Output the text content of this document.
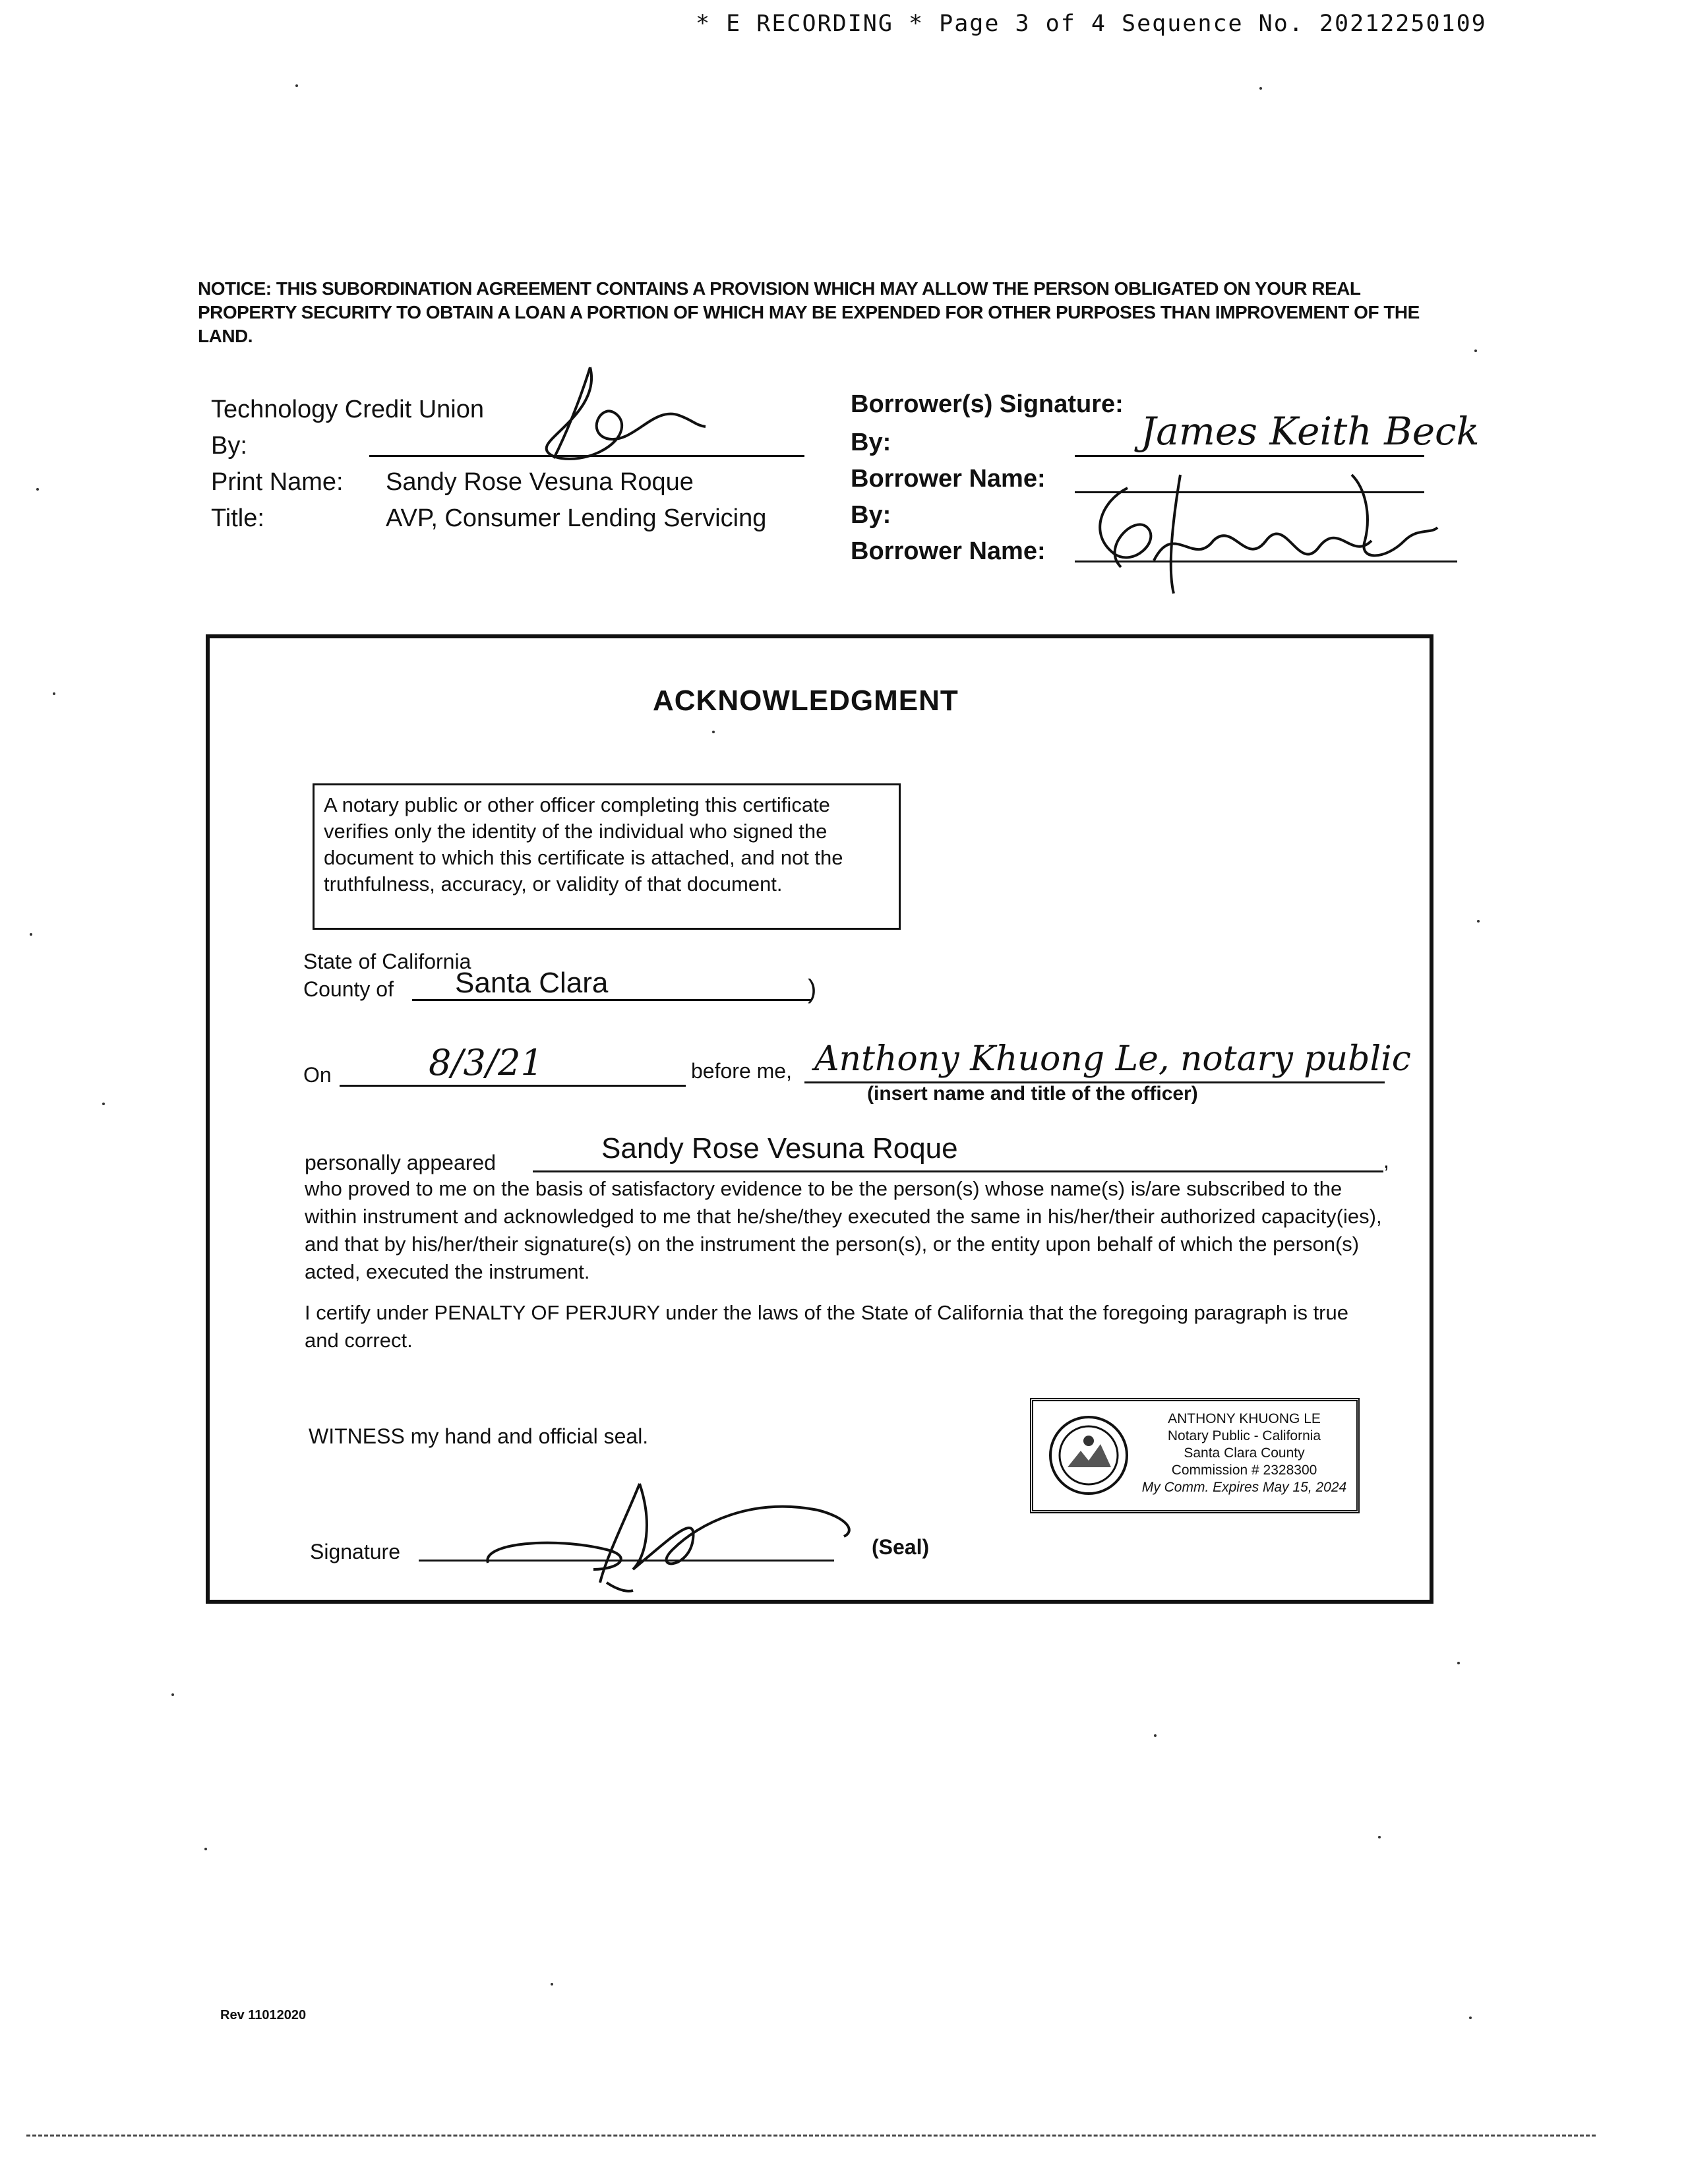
* E RECORDING * Page 3 of 4 Sequence No. 20212250109
NOTICE: THIS SUBORDINATION AGREEMENT CONTAINS A PROVISION WHICH MAY ALLOW THE PERSON OBLIGATED ON YOUR REAL PROPERTY SECURITY TO OBTAIN A LOAN A PORTION OF WHICH MAY BE EXPENDED FOR OTHER PURPOSES THAN IMPROVEMENT OF THE LAND.
Technology Credit Union
By:
Print Name: Sandy Rose Vesuna Roque
Title:	AVP, Consumer Lending Servicing
Borrower(s) Signature:
By:	James Keith Beck
Borrower Name:
By:
Borrower Name:
ACKNOWLEDGMENT
A notary public or other officer completing this certificate verifies only the identity of the individual who signed the document to which this certificate is attached, and not the truthfulness, accuracy, or validity of that document.
State of California
County of Santa Clara	)
On	8/3/21	before me, Anthony Khuong Le, notary public
(insert name and title of the officer)
personally appeared	Sandy Rose Vesuna Roque	,
who proved to me on the basis of satisfactory evidence to be the person(s) whose name(s) is/are subscribed to the within instrument and acknowledged to me that he/she/they executed the same in his/her/their authorized capacity(ies), and that by his/her/their signature(s) on the instrument the person(s), or the entity upon behalf of which the person(s) acted, executed the instrument.
I certify under PENALTY OF PERJURY under the laws of the State of California that the foregoing paragraph is true and correct.
WITNESS my hand and official seal.
Signature	(Seal)
ANTHONY KHUONG LE
Notary Public - California
Santa Clara County
Commission # 2328300
My Comm. Expires May 15, 2024
Rev 11012020
